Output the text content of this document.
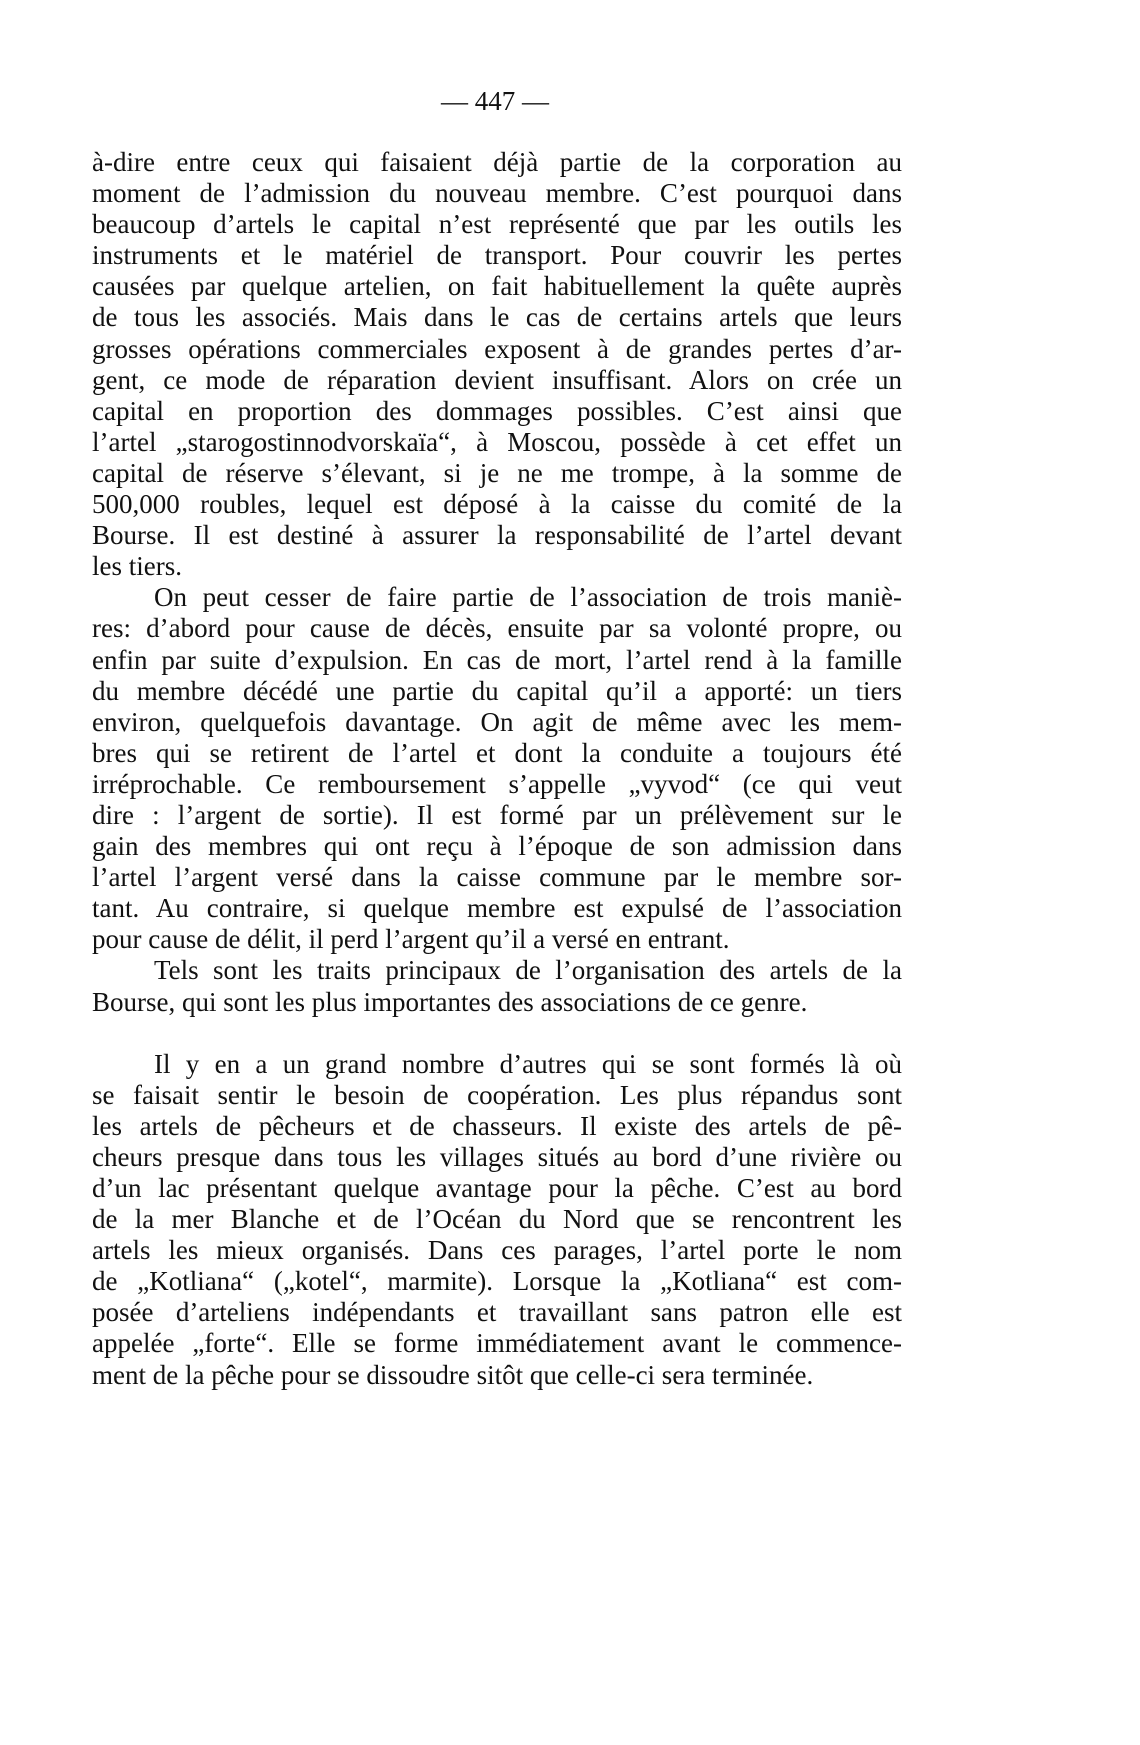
— 447 —
à-dire entre ceux qui faisaient déjà partie de la corporation au
moment de l’admission du nouveau membre. C’est pourquoi dans
beaucoup d’artels le capital n’est représenté que par les outils les
instruments et le matériel de transport. Pour couvrir les pertes
causées par quelque artelien, on fait habituellement la quête auprès
de tous les associés. Mais dans le cas de certains artels que leurs
grosses opérations commerciales exposent à de grandes pertes d’ar-
gent, ce mode de réparation devient insuffisant. Alors on crée un
capital en proportion des dommages possibles. C’est ainsi que
l’artel „starogostinnodvorskaïa“, à Moscou, possède à cet effet un
capital de réserve s’élevant, si je ne me trompe, à la somme de
500,000 roubles, lequel est déposé à la caisse du comité de la
Bourse. Il est destiné à assurer la responsabilité de l’artel devant
les tiers.
On peut cesser de faire partie de l’association de trois maniè-
res: d’abord pour cause de décès, ensuite par sa volonté propre, ou
enfin par suite d’expulsion. En cas de mort, l’artel rend à la famille
du membre décédé une partie du capital qu’il a apporté: un tiers
environ, quelquefois davantage. On agit de même avec les mem-
bres qui se retirent de l’artel et dont la conduite a toujours été
irréprochable. Ce remboursement s’appelle „vyvod“ (ce qui veut
dire : l’argent de sortie). Il est formé par un prélèvement sur le
gain des membres qui ont reçu à l’époque de son admission dans
l’artel l’argent versé dans la caisse commune par le membre sor-
tant. Au contraire, si quelque membre est expulsé de l’association
pour cause de délit, il perd l’argent qu’il a versé en entrant.
Tels sont les traits principaux de l’organisation des artels de la
Bourse, qui sont les plus importantes des associations de ce genre.
Il y en a un grand nombre d’autres qui se sont formés là où
se faisait sentir le besoin de coopération. Les plus répandus sont
les artels de pêcheurs et de chasseurs. Il existe des artels de pê-
cheurs presque dans tous les villages situés au bord d’une rivière ou
d’un lac présentant quelque avantage pour la pêche. C’est au bord
de la mer Blanche et de l’Océan du Nord que se rencontrent les
artels les mieux organisés. Dans ces parages, l’artel porte le nom
de „Kotliana“ („kotel“, marmite). Lorsque la „Kotliana“ est com-
posée d’arteliens indépendants et travaillant sans patron elle est
appelée „forte“. Elle se forme immédiatement avant le commence-
ment de la pêche pour se dissoudre sitôt que celle-ci sera terminée.
